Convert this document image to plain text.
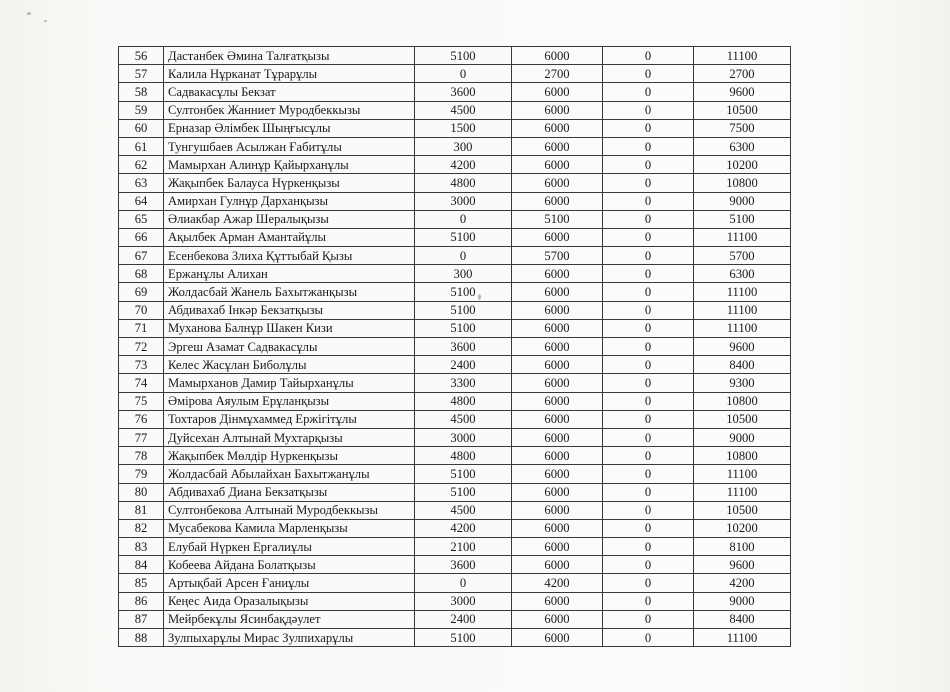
56	Дастанбек Әмина Талғатқызы	5100	6000	0	11100
57	Калила Нұрканат Тұрарұлы	0	2700	0	2700
58	Садвакасұлы Бекзат	3600	6000	0	9600
59	Султонбек Жанниет Муродбеккызы	4500	6000	0	10500
60	Ерназар Әлімбек Шыңғысұлы	1500	6000	0	7500
61	Тунгушбаев Асылжан Ғабитұлы	300	6000	0	6300
62	Мамырхан Алинұр Қайырханұлы	4200	6000	0	10200
63	Жақыпбек Балауса Нүркенқызы	4800	6000	0	10800
64	Амирхан Гулнұр Дарханқызы	3000	6000	0	9000
65	Әлиакбар Ажар Шералықызы	0	5100	0	5100
66	Ақылбек Арман Амантайұлы	5100	6000	0	11100
67	Есенбекова Злиха Құттыбай Қызы	0	5700	0	5700
68	Ержанұлы Алихан	300	6000	0	6300
69	Жолдасбай Жанель Бахытжанқызы	5100	6000	0	11100
70	Абдивахаб Інкәр Бекзатқызы	5100	6000	0	11100
71	Муханова Балнұр Шакен Кизи	5100	6000	0	11100
72	Эргеш Азамат Садвакасұлы	3600	6000	0	9600
73	Келес Жасұлан Биболұлы	2400	6000	0	8400
74	Мамырханов Дамир Тайырханұлы	3300	6000	0	9300
75	Әмірова Аяулым Ерұланқызы	4800	6000	0	10800
76	Тохтаров Дінмұхаммед Ержігітұлы	4500	6000	0	10500
77	Дуйсехан Алтынай Мухтарқызы	3000	6000	0	9000
78	Жақыпбек Мөлдір Нуркенқызы	4800	6000	0	10800
79	Жолдасбай Абылайхан Бахытжанұлы	5100	6000	0	11100
80	Абдивахаб Диана Бекзатқызы	5100	6000	0	11100
81	Султонбекова Алтынай Муродбеккызы	4500	6000	0	10500
82	Мусабекова Камила Марленқызы	4200	6000	0	10200
83	Елубай Нүркен Ерғалиұлы	2100	6000	0	8100
84	Кобеева Айдана Болатқызы	3600	6000	0	9600
85	Артықбай Арсен Ғаниұлы	0	4200	0	4200
86	Кеңес Аида Оразалықызы	3000	6000	0	9000
87	Мейрбекұлы Ясинбақдәулет	2400	6000	0	8400
88	Зулпыхарұлы Мирас Зулпихарұлы	5100	6000	0	11100
